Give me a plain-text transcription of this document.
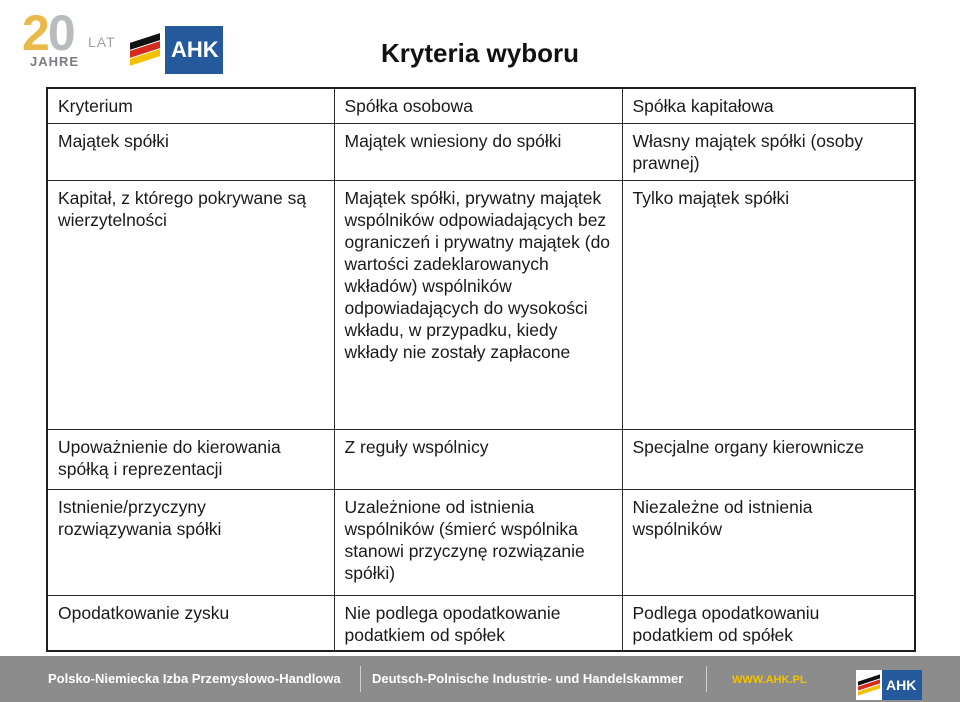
20 LAT
JAHRE	AHK	Kryteria wyboru
Kryterium	Spółka osobowa	Spółka kapitałowa
Majątek spółki	Majątek wniesiony do spółki	Własny majątek spółki (osoby prawnej)
Kapitał, z którego pokrywane są wierzytelności	Majątek spółki, prywatny majątek wspólników odpowiadających bez ograniczeń i prywatny majątek (do wartości zadeklarowanych wkładów) wspólników odpowiadających do wysokości wkładu, w przypadku, kiedy wkłady nie zostały zapłacone	Tylko majątek spółki
Upoważnienie do kierowania spółką i reprezentacji	Z reguły wspólnicy	Specjalne organy kierownicze
Istnienie/przyczyny rozwiązywania spółki	Uzależnione od istnienia wspólników (śmierć wspólnika stanowi przyczynę rozwiązanie spółki)	Niezależne od istnienia wspólników
Opodatkowanie zysku	Nie podlega opodatkowanie podatkiem od spółek	Podlega opodatkowaniu podatkiem od spółek
Polsko-Niemiecka Izba Przemysłowo-Handlowa Deutsch-Polnische Industrie- und Handelskammer	WWW.AHK.PL	AHK
